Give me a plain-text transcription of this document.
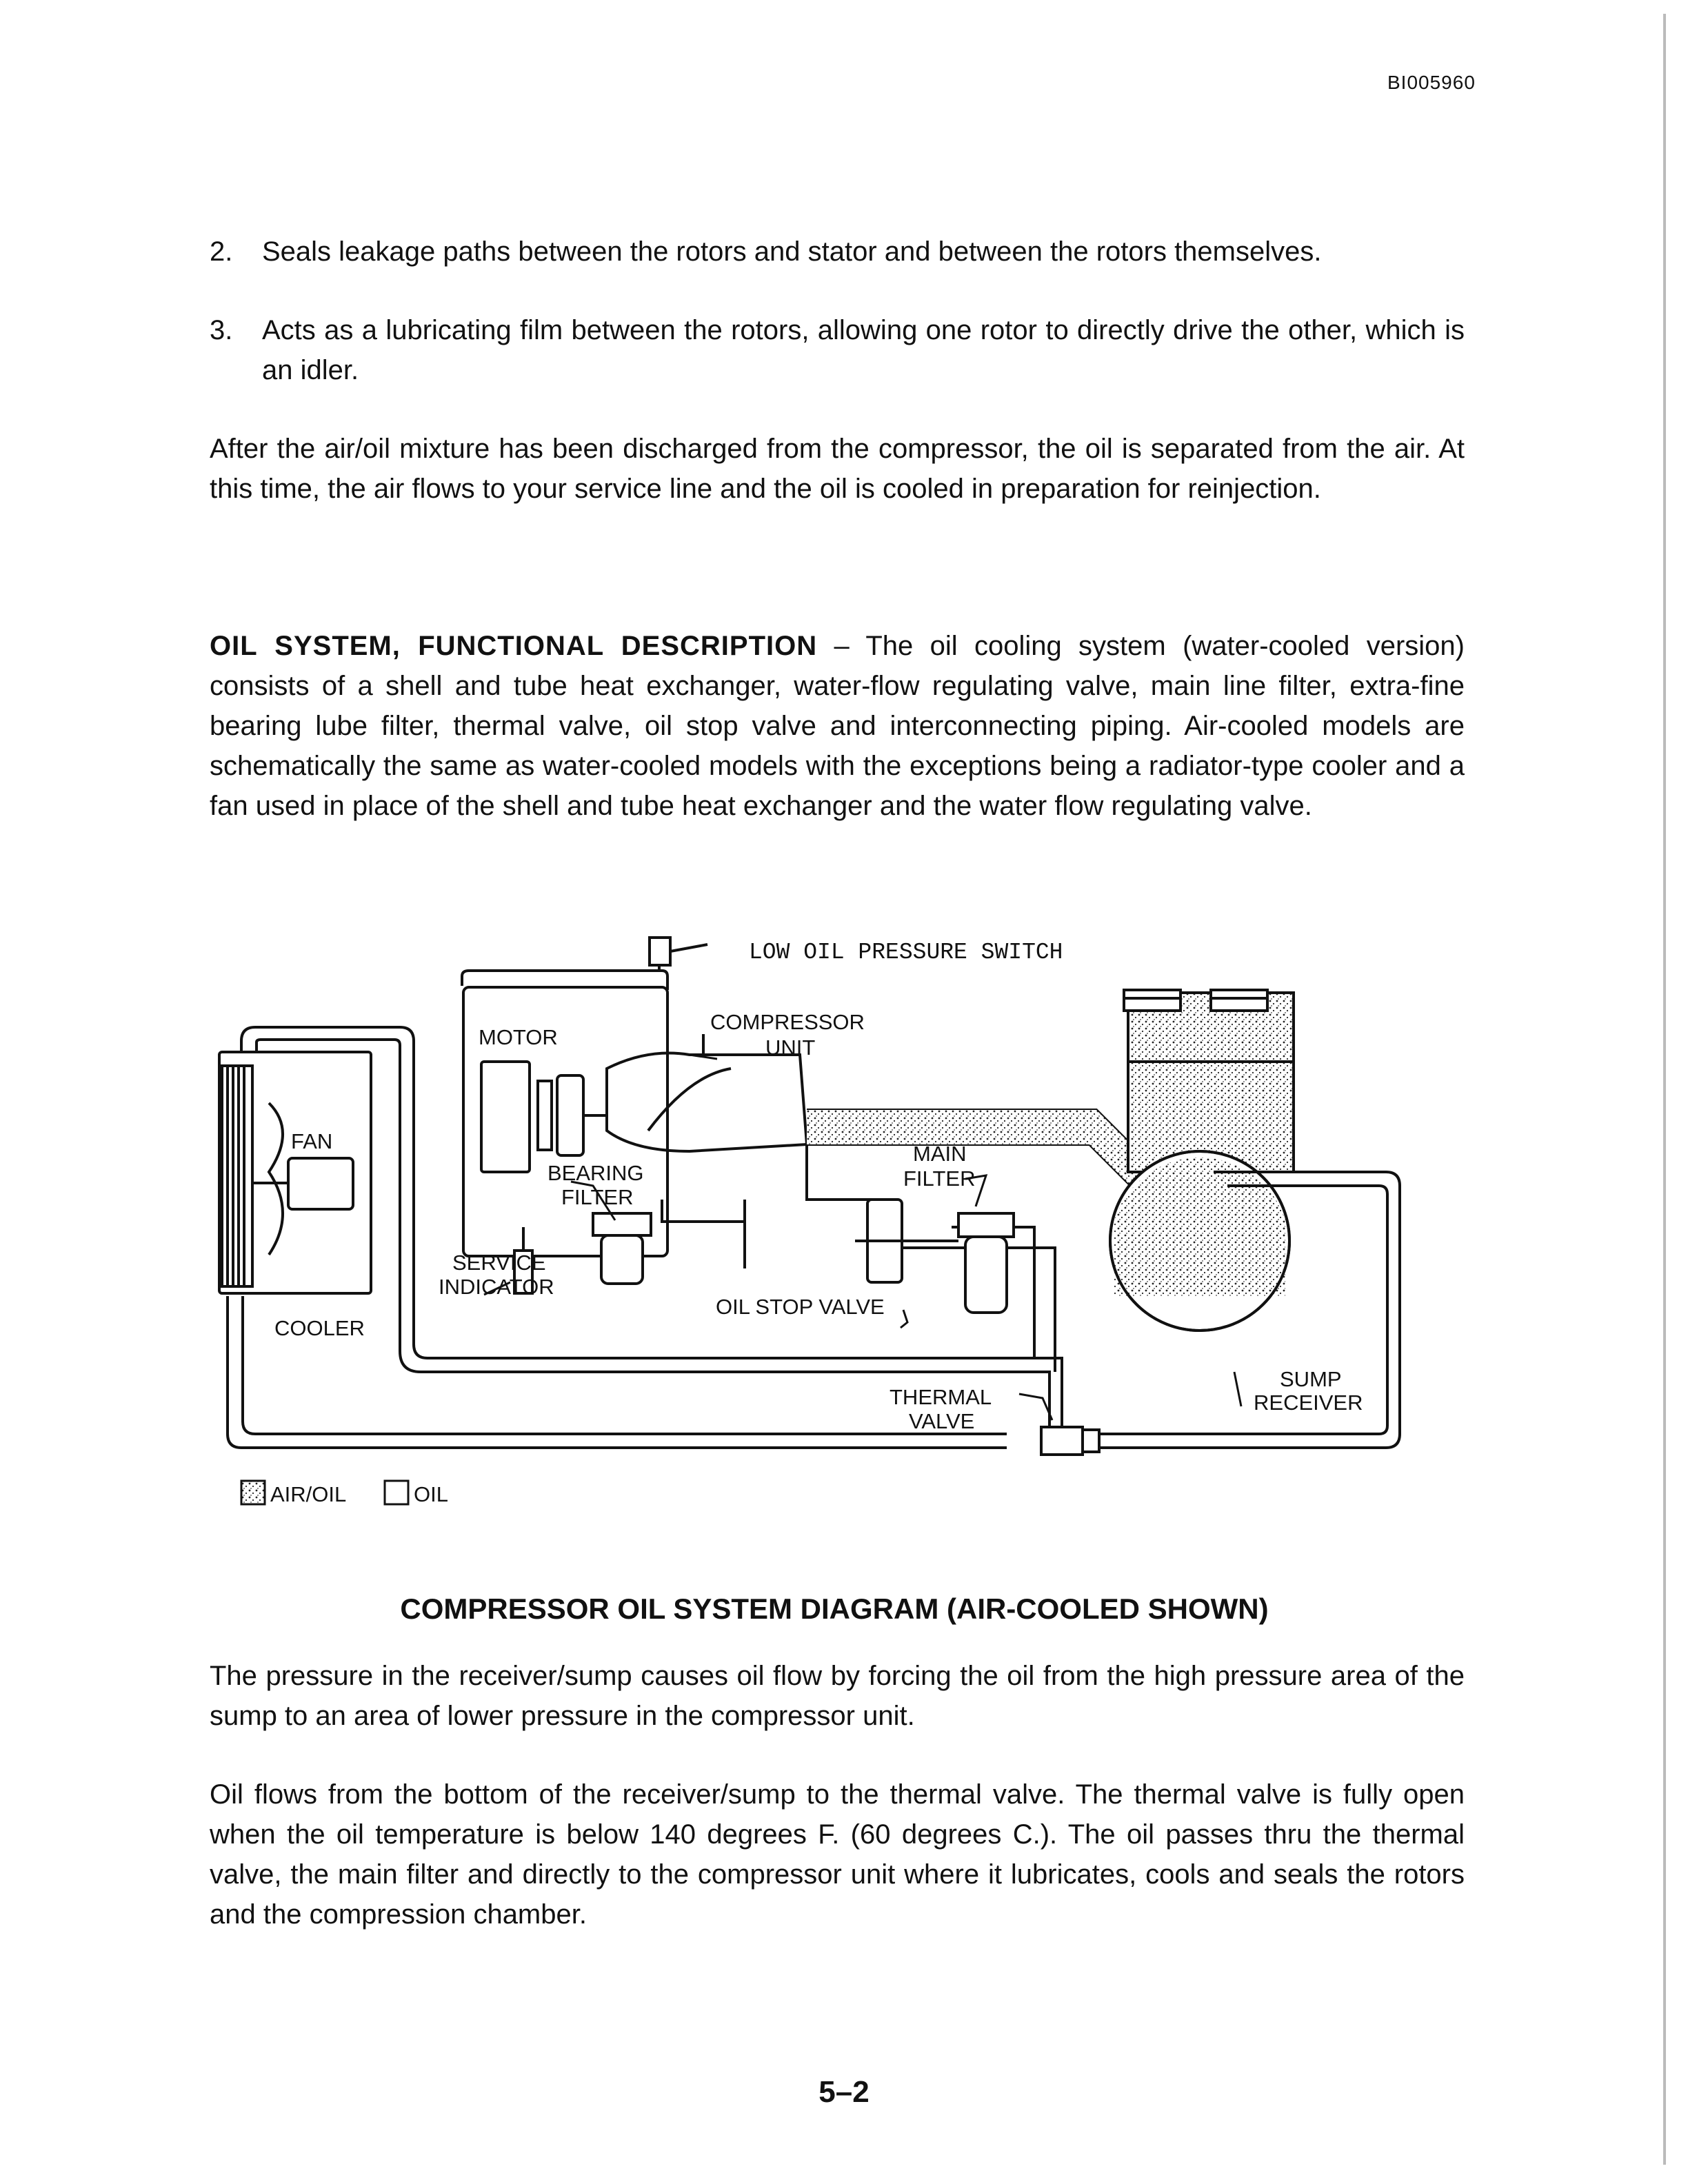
BI005960
2. Seals leakage paths between the rotors and stator and between the rotors themselves.
3. Acts as a lubricating film between the rotors, allowing one rotor to directly drive the other, which is an idler.
After the air/oil mixture has been discharged from the compressor, the oil is separated from the air. At this time, the air flows to your service line and the oil is cooled in preparation for reinjection.
OIL SYSTEM, FUNCTIONAL DESCRIPTION – The oil cooling system (water-cooled version) consists of a shell and tube heat exchanger, water-flow regulating valve, main line filter, extra-fine bearing lube filter, thermal valve, oil stop valve and interconnecting piping. Air-cooled models are schematically the same as water-cooled models with the exceptions being a radiator-type cooler and a fan used in place of the shell and tube heat exchanger and the water flow regulating valve.
LOW OIL PRESSURE SWITCH
MOTOR
COMPRESSOR
UNIT
FAN
BEARING
FILTER
MAIN
FILTER
SERVICE
INDICATOR
OIL STOP VALVE
COOLER
THERMAL
VALVE
SUMP
RECEIVER
AIR/OIL	OIL
COMPRESSOR OIL SYSTEM DIAGRAM (AIR-COOLED SHOWN)
The pressure in the receiver/sump causes oil flow by forcing the oil from the high pressure area of the sump to an area of lower pressure in the compressor unit.
Oil flows from the bottom of the receiver/sump to the thermal valve. The thermal valve is fully open when the oil temperature is below 140 degrees F. (60 degrees C.). The oil passes thru the thermal valve, the main filter and directly to the compressor unit where it lubricates, cools and seals the rotors and the compression chamber.
5–2
